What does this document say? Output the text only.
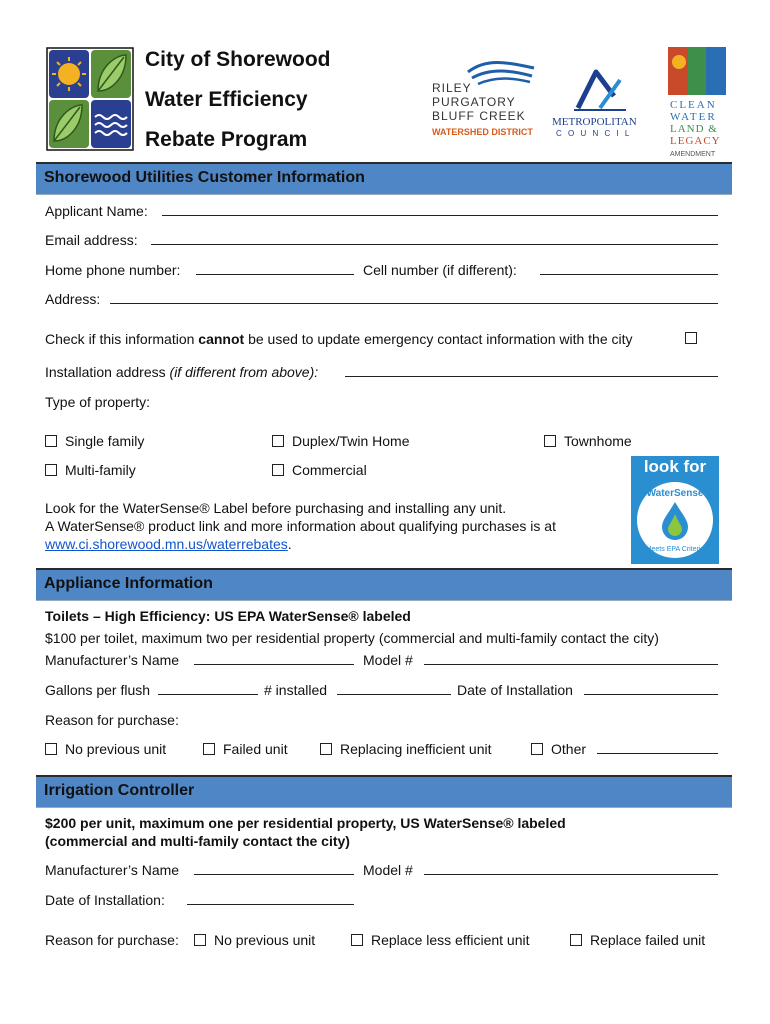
City of Shorewood
Water Efficiency
Rebate Program
RILEY
PURGATORY
BLUFF CREEK
WATERSHED DISTRICT
METROPOLITAN
C O U N C I L
CLEAN
WATER
LAND &
LEGACY
AMENDMENT
Shorewood Utilities Customer Information
Applicant Name:
Email address:
Home phone number:	Cell number (if different):
Address:
Check if this information cannot be used to update emergency contact information with the city
Installation address (if different from above):
Type of property:
Single family	Duplex/Twin Home	Townhome
Multi-family	Commercial
Look for the WaterSense® Label before purchasing and installing any unit.
A WaterSense® product link and more information about qualifying purchases is at
www.ci.shorewood.mn.us/waterrebates.
look for
WaterSense
Meets EPA Criteria
Appliance Information
Toilets – High Efficiency: US EPA WaterSense® labeled
$100 per toilet, maximum two per residential property (commercial and multi-family contact the city)
Manufacturer’s Name	Model #
Gallons per flush	# installed	Date of Installation
Reason for purchase:
No previous unit	Failed unit	Replacing inefficient unit	Other
Irrigation Controller
$200 per unit, maximum one per residential property, US WaterSense® labeled
(commercial and multi-family contact the city)
Manufacturer’s Name	Model #
Date of Installation:
Reason for purchase:	No previous unit	Replace less efficient unit	Replace failed unit
